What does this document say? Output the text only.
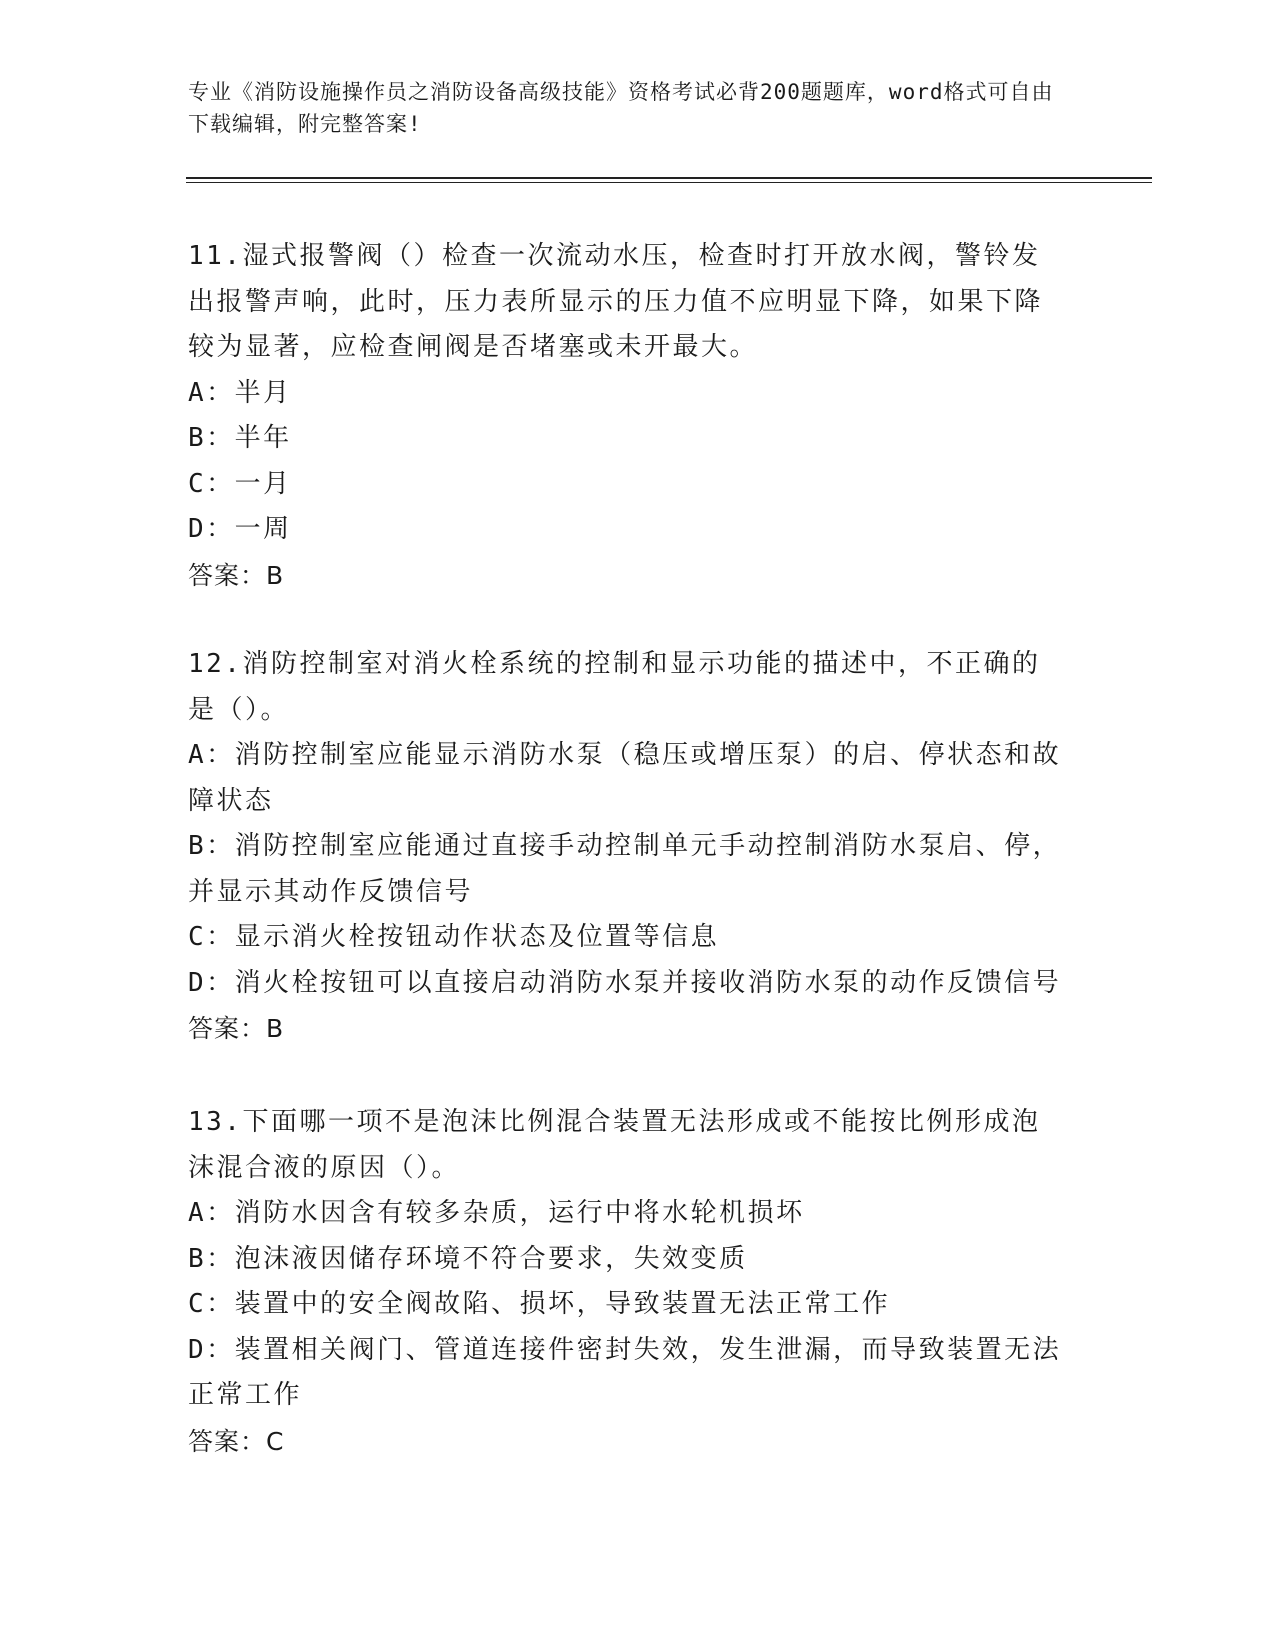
专业《消防设施操作员之消防设备高级技能》资格考试必背200题题库，word格式可自由下载编辑，附完整答案!

11.湿式报警阀（）检查一次流动水压，检查时打开放水阀，警铃发出报警声响，此时，压力表所显示的压力值不应明显下降，如果下降较为显著，应检查闸阀是否堵塞或未开最大。

A：半月

B：半年

C：一月

D：一周

答案：B

12.消防控制室对消火栓系统的控制和显示功能的描述中，不正确的是（）。

A：消防控制室应能显示消防水泵（稳压或增压泵）的启、停状态和故障状态

B：消防控制室应能通过直接手动控制单元手动控制消防水泵启、停，并显示其动作反馈信号

C：显示消火栓按钮动作状态及位置等信息

D：消火栓按钮可以直接启动消防水泵并接收消防水泵的动作反馈信号

答案：B

13.下面哪一项不是泡沫比例混合装置无法形成或不能按比例形成泡沫混合液的原因（）。

A：消防水因含有较多杂质，运行中将水轮机损坏

B：泡沫液因储存环境不符合要求，失效变质

C：装置中的安全阀故陷、损坏，导致装置无法正常工作

D：装置相关阀门、管道连接件密封失效，发生泄漏，而导致装置无法正常工作

答案：C
